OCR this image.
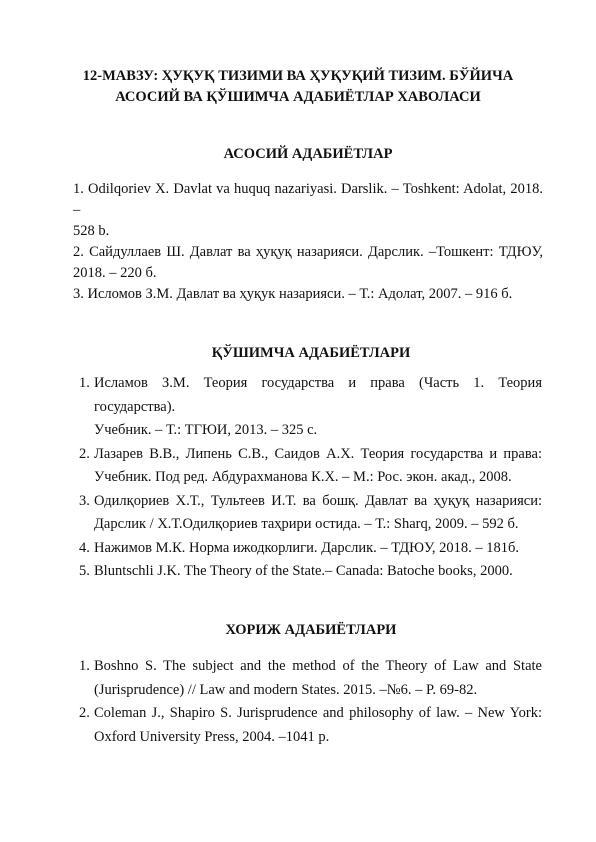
12-МАВЗУ: ҲУҚУҚ ТИЗИМИ ВА ҲУҚУҚИЙ ТИЗИМ. БЎЙИЧА
АСОСИЙ ВА ҚЎШИМЧА АДАБИЁТЛАР ХАВОЛАСИ
АСОСИЙ АДАБИЁТЛАР
1. Odilqoriev X. Davlat va huquq nazariyasi. Darslik. – Toshkent: Adolat, 2018. –
528 b.
2. Сайдуллаев Ш. Давлат ва ҳуқуқ назарияси. Дарслик. –Тошкент: ТДЮУ,
2018. – 220 б.
3. Исломов З.М. Давлат ва ҳуқук назарияси. – Т.: Адолат, 2007. – 916 б.
ҚЎШИМЧА АДАБИЁТЛАРИ
1. Исламов З.М. Теория государства и права (Часть 1. Теория государства).
Учебник. – Т.: ТГЮИ, 2013. – 325 с.
2. Лазарев В.В., Липень С.В., Саидов А.Х. Теория государства и права:
Учебник. Под ред. Абдурахманова К.Х. – М.: Рос. экон. акад., 2008.
3. Одилқориев Х.Т., Тультеев И.Т. ва бошқ. Давлат ва ҳуқуқ назарияси:
Дарслик / Х.Т.Одилқориев таҳрири остида. – Т.: Sharq, 2009. – 592 б.
4. Нажимов М.К. Норма ижодкорлиги. Дарслик. – ТДЮУ, 2018. – 181б.
5. Bluntschli J.K. The Theory of the State.– Canada: Batoche books, 2000.
ХОРИЖ АДАБИЁТЛАРИ
1. Boshno S. The subject and the method of the Theory of Law and State
(Jurisprudence) // Law and modern States. 2015. –№6. – P. 69-82.
2. Coleman J., Shapiro S. Jurisprudence and philosophy of law. – New York:
Oxford University Press, 2004. –1041 p.
